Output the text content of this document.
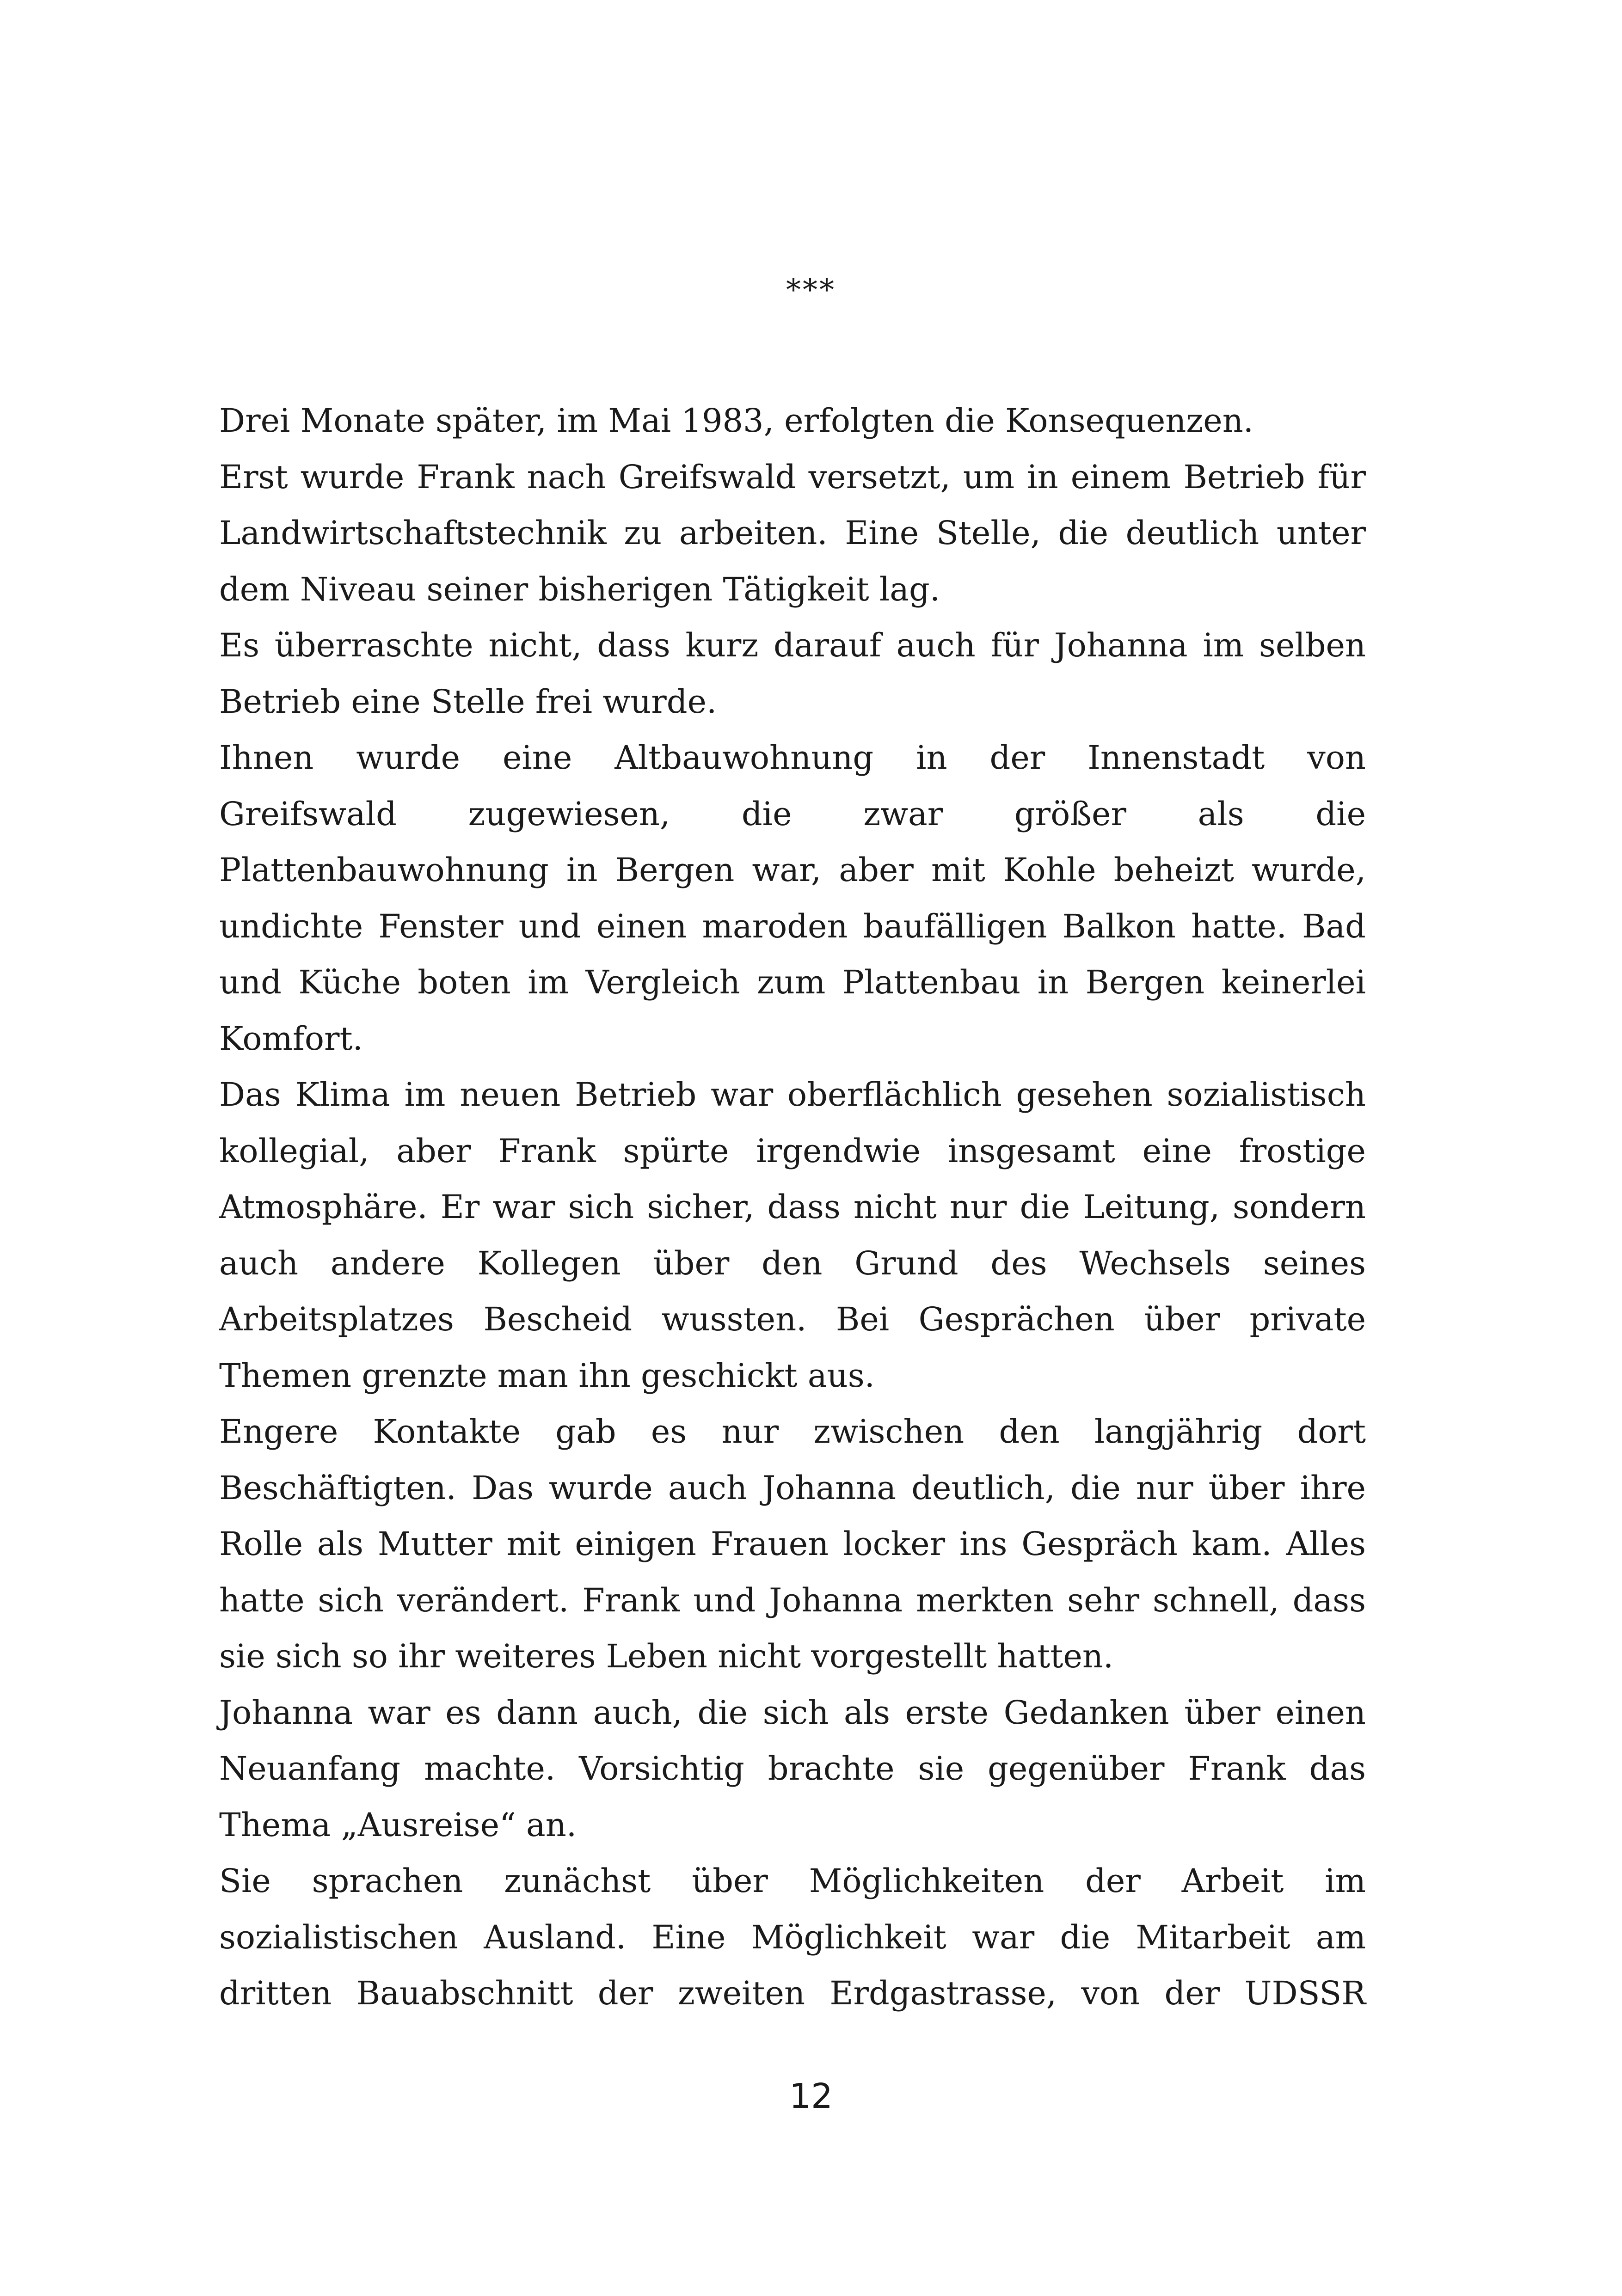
***

Drei Monate später, im Mai 1983, erfolgten die Konsequenzen.

Erst wurde Frank nach Greifswald versetzt, um in einem Betrieb für Landwirtschaftstechnik zu arbeiten. Eine Stelle, die deutlich unter dem Niveau seiner bisherigen Tätigkeit lag.

Es überraschte nicht, dass kurz darauf auch für Johanna im selben Betrieb eine Stelle frei wurde.

Ihnen wurde eine Altbauwohnung in der Innenstadt von

Greifswald zugewiesen, die zwar größer als die

Plattenbauwohnung in Bergen war, aber mit Kohle beheizt wurde, undichte Fenster und einen maroden baufälligen Balkon hatte. Bad und Küche boten im Vergleich zum Plattenbau in Bergen keinerlei Komfort.

Das Klima im neuen Betrieb war oberflächlich gesehen sozialistisch kollegial, aber Frank spürte irgendwie insgesamt eine frostige Atmosphäre. Er war sich sicher, dass nicht nur die Leitung, sondern auch andere Kollegen über den Grund des Wechsels seines Arbeitsplatzes Bescheid wussten. Bei Gesprächen über private Themen grenzte man ihn geschickt aus.

Engere Kontakte gab es nur zwischen den langjährig dort Beschäftigten. Das wurde auch Johanna deutlich, die nur über ihre Rolle als Mutter mit einigen Frauen locker ins Gespräch kam. Alles hatte sich verändert. Frank und Johanna merkten sehr schnell, dass sie sich so ihr weiteres Leben nicht vorgestellt hatten.

Johanna war es dann auch, die sich als erste Gedanken über einen Neuanfang machte. Vorsichtig brachte sie gegenüber Frank das Thema „Ausreise“ an.

Sie sprachen zunächst über Möglichkeiten der Arbeit im sozialistischen Ausland. Eine Möglichkeit war die Mitarbeit am

dritten Bauabschnitt der zweiten Erdgastrasse, von der UDSSR

12
